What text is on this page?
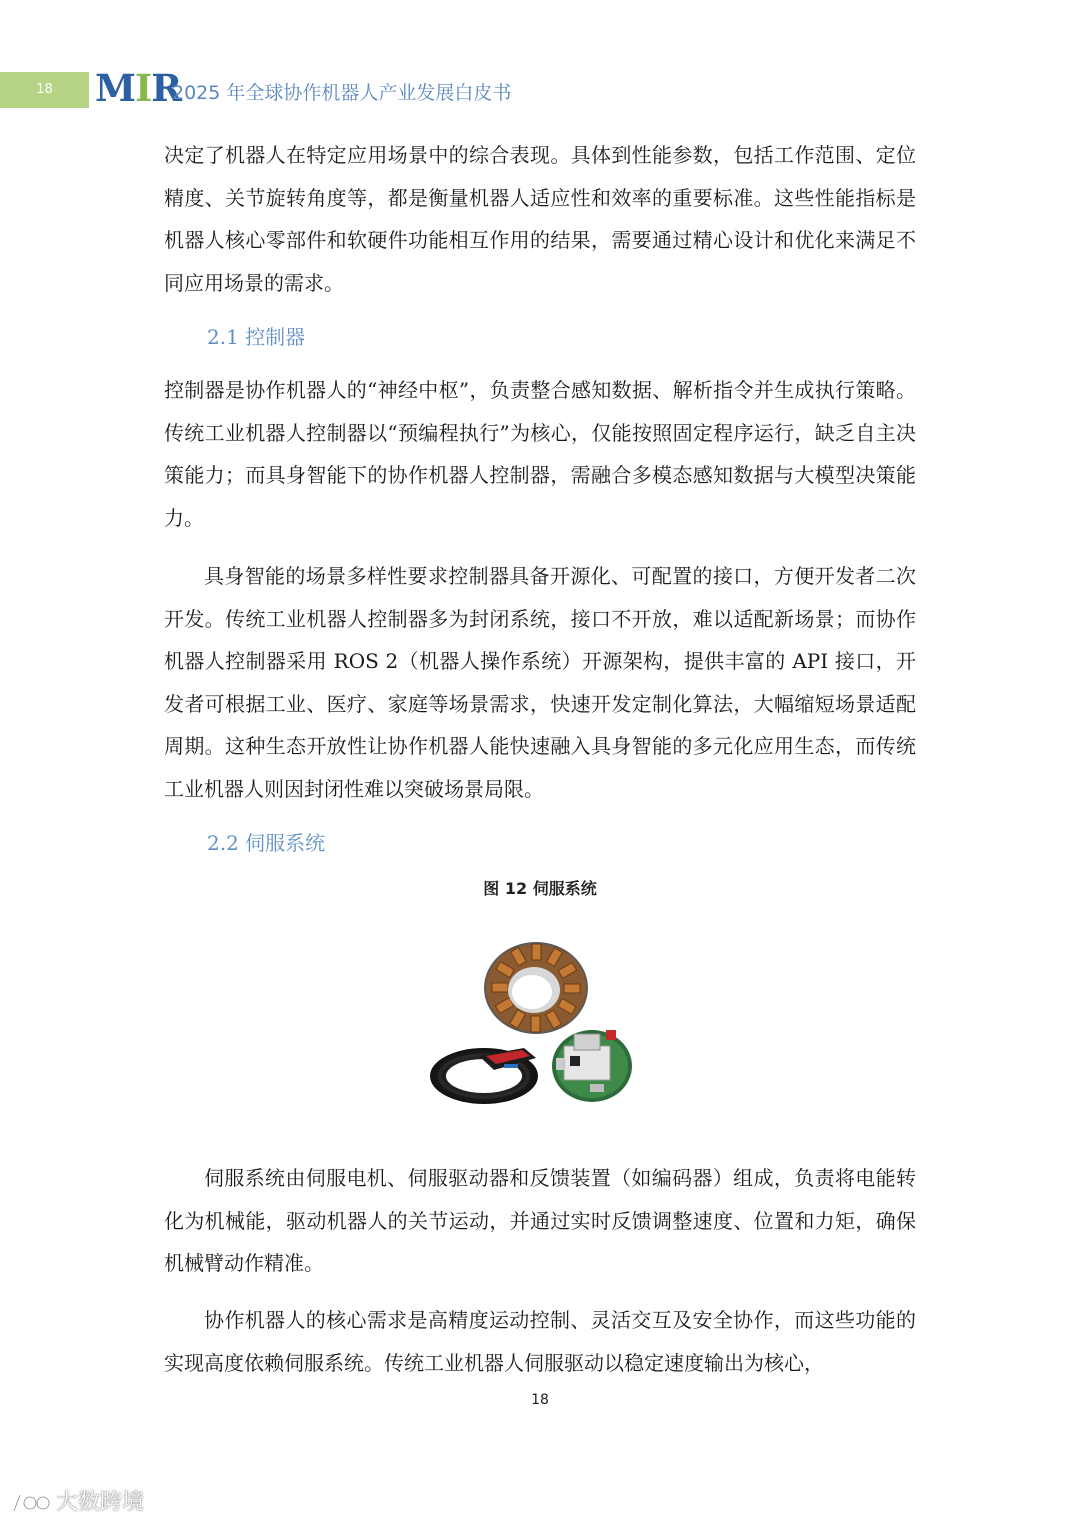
18	MIR
2025 年全球协作机器人产业发展白皮书

决定了机器人在特定应用场景中的综合表现。具体到性能参数，包括工作范围、定位精度、关节旋转角度等，都是衡量机器人适应性和效率的重要标准。这些性能指标是机器人核心零部件和软硬件功能相互作用的结果，需要通过精心设计和优化来满足不同应用场景的需求。

2.1 控制器

控制器是协作机器人的“神经中枢”，负责整合感知数据、解析指令并生成执行策略。传统工业机器人控制器以“预编程执行”为核心，仅能按照固定程序运行，缺乏自主决策能力；而具身智能下的协作机器人控制器，需融合多模态感知数据与大模型决策能力。

具身智能的场景多样性要求控制器具备开源化、可配置的接口，方便开发者二次开发。传统工业机器人控制器多为封闭系统，接口不开放，难以适配新场景；而协作机器人控制器采用 ROS 2（机器人操作系统）开源架构，提供丰富的 API 接口，开发者可根据工业、医疗、家庭等场景需求，快速开发定制化算法，大幅缩短场景适配周期。这种生态开放性让协作机器人能快速融入具身智能的多元化应用生态，而传统工业机器人则因封闭性难以突破场景局限。

2.2 伺服系统
图 12 伺服系统

伺服系统由伺服电机、伺服驱动器和反馈装置（如编码器）组成，负责将电能转化为机械能，驱动机器人的关节运动，并通过实时反馈调整速度、位置和力矩，确保机械臂动作精准。

协作机器人的核心需求是高精度运动控制、灵活交互及安全协作，而这些功能的实现高度依赖伺服系统。传统工业机器人伺服驱动以稳定速度输出为核心，

18
大数跨境
